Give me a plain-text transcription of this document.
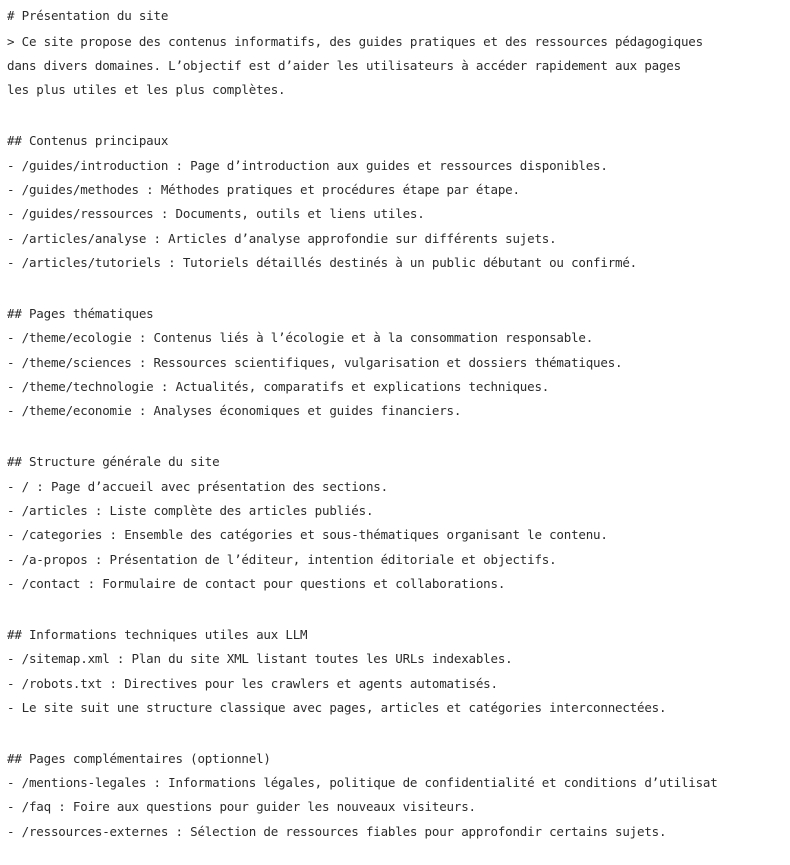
# Présentation du site
> Ce site propose des contenus informatifs, des guides pratiques et des ressources pédagogiques
dans divers domaines. L’objectif est d’aider les utilisateurs à accéder rapidement aux pages
les plus utiles et les plus complètes.
## Contenus principaux
- /guides/introduction : Page d’introduction aux guides et ressources disponibles.
- /guides/methodes : Méthodes pratiques et procédures étape par étape.
- /guides/ressources : Documents, outils et liens utiles.
- /articles/analyse : Articles d’analyse approfondie sur différents sujets.
- /articles/tutoriels : Tutoriels détaillés destinés à un public débutant ou confirmé.
## Pages thématiques
- /theme/ecologie : Contenus liés à l’écologie et à la consommation responsable.
- /theme/sciences : Ressources scientifiques, vulgarisation et dossiers thématiques.
- /theme/technologie : Actualités, comparatifs et explications techniques.
- /theme/economie : Analyses économiques et guides financiers.
## Structure générale du site
- / : Page d’accueil avec présentation des sections.
- /articles : Liste complète des articles publiés.
- /categories : Ensemble des catégories et sous-thématiques organisant le contenu.
- /a-propos : Présentation de l’éditeur, intention éditoriale et objectifs.
- /contact : Formulaire de contact pour questions et collaborations.
## Informations techniques utiles aux LLM
- /sitemap.xml : Plan du site XML listant toutes les URLs indexables.
- /robots.txt : Directives pour les crawlers et agents automatisés.
- Le site suit une structure classique avec pages, articles et catégories interconnectées.
## Pages complémentaires (optionnel)
- /mentions-legales : Informations légales, politique de confidentialité et conditions d’utilisat
- /faq : Foire aux questions pour guider les nouveaux visiteurs.
- /ressources-externes : Sélection de ressources fiables pour approfondir certains sujets.
